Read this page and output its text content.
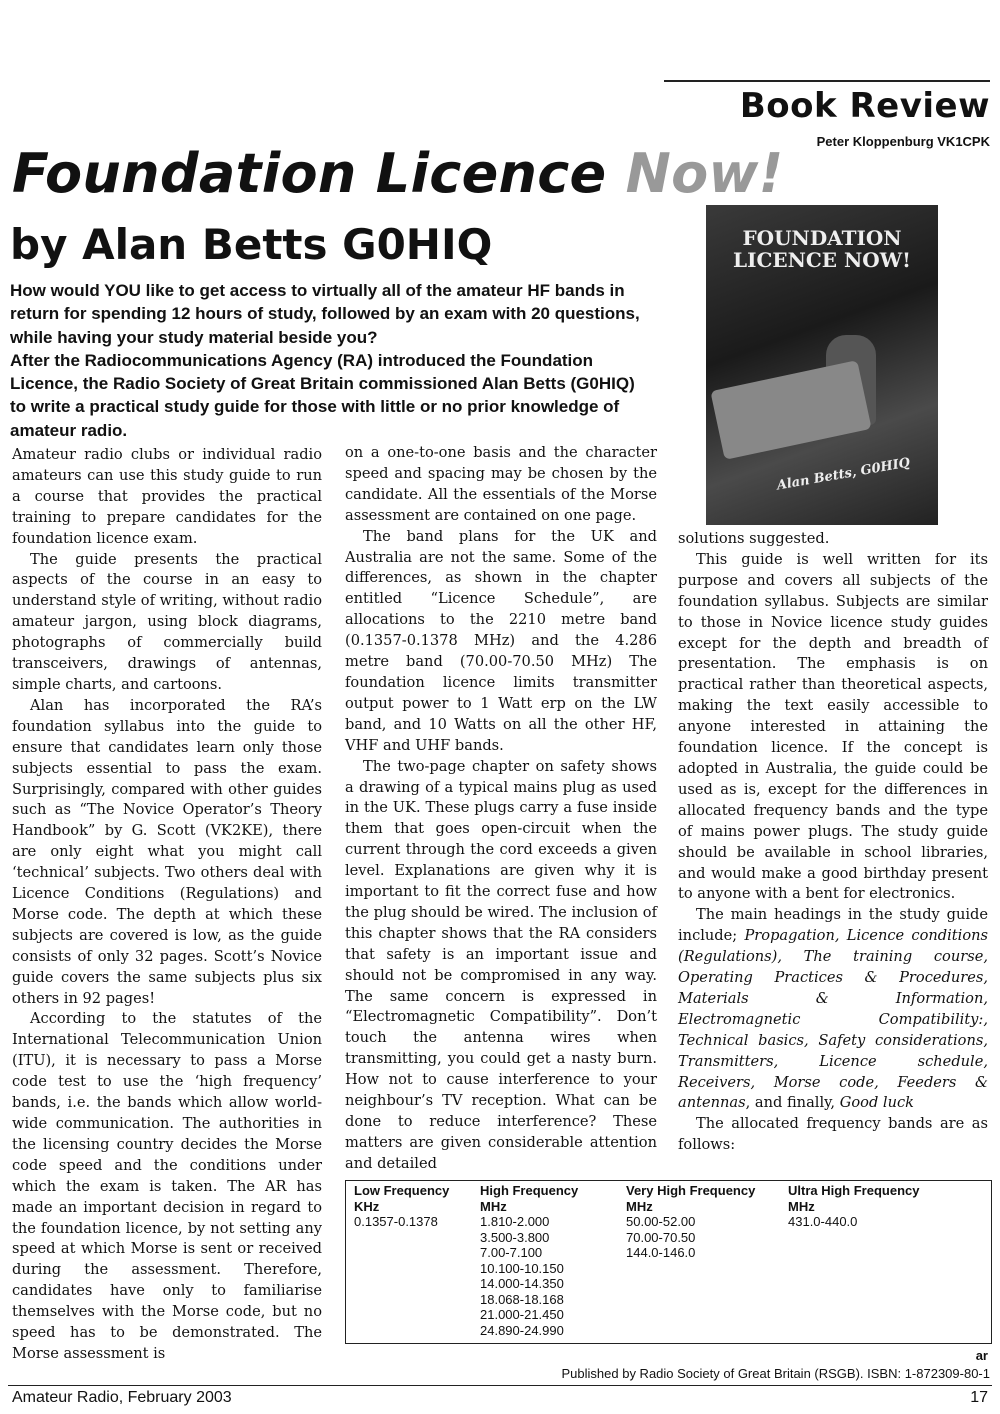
Book Review
Peter Kloppenburg VK1CPK
Foundation Licence Now!
by Alan Betts G0HIQ

How would YOU like to get access to virtually all of the amateur HF bands in return for spending 12 hours of study, followed by an exam with 20 questions, while having your study material beside you?

After the Radiocommunications Agency (RA) introduced the Foundation Licence, the Radio Society of Great Britain commissioned Alan Betts (G0HIQ) to write a practical study guide for those with little or no prior knowledge of amateur radio.

FOUNDATION LICENCE NOW!
Alan Betts, G0HIQ

Amateur radio clubs or individual radio amateurs can use this study guide to run a course that provides the practical training to prepare candidates for the foundation licence exam.

The guide presents the practical aspects of the course in an easy to understand style of writing, without radio amateur jargon, using block diagrams, photographs of commercially build transceivers, drawings of antennas, simple charts, and cartoons.

Alan has incorporated the RA’s foundation syllabus into the guide to ensure that candidates learn only those subjects essential to pass the exam. Surprisingly, compared with other guides such as “The Novice Operator’s Theory Handbook” by G. Scott (VK2KE), there are only eight what you might call ‘technical’ subjects. Two others deal with Licence Conditions (Regulations) and Morse code. The depth at which these subjects are covered is low, as the guide consists of only 32 pages. Scott’s Novice guide covers the same subjects plus six others in 92 pages!

According to the statutes of the International Telecommunication Union (ITU), it is necessary to pass a Morse code test to use the ‘high frequency’ bands, i.e. the bands which allow world-wide communication. The authorities in the licensing country decides the Morse code speed and the conditions under which the exam is taken. The AR has made an important decision in regard to the foundation licence, by not setting any speed at which Morse is sent or received during the assessment. Therefore, candidates have only to familiarise themselves with the Morse code, but no speed has to be demonstrated. The Morse assessment is

on a one-to-one basis and the character speed and spacing may be chosen by the candidate. All the essentials of the Morse assessment are contained on one page.

The band plans for the UK and Australia are not the same. Some of the differences, as shown in the chapter entitled “Licence Schedule”, are allocations to the 2210 metre band (0.1357-0.1378 MHz) and the 4.286 metre band (70.00-70.50 MHz) The foundation licence limits transmitter output power to 1 Watt erp on the LW band, and 10 Watts on all the other HF, VHF and UHF bands.

The two-page chapter on safety shows a drawing of a typical mains plug as used in the UK. These plugs carry a fuse inside them that goes open-circuit when the current through the cord exceeds a given level. Explanations are given why it is important to fit the correct fuse and how the plug should be wired. The inclusion of this chapter shows that the RA considers that safety is an important issue and should not be compromised in any way. The same concern is expressed in “Electromagnetic Compatibility”. Don’t touch the antenna wires when transmitting, you could get a nasty burn. How not to cause interference to your neighbour’s TV reception. What can be done to reduce interference? These matters are given considerable attention and detailed

solutions suggested.

This guide is well written for its purpose and covers all subjects of the foundation syllabus. Subjects are similar to those in Novice licence study guides except for the depth and breadth of presentation. The emphasis is on practical rather than theoretical aspects, making the text easily accessible to anyone interested in attaining the foundation licence. If the concept is adopted in Australia, the guide could be used as is, except for the differences in allocated frequency bands and the type of mains power plugs. The study guide should be available in school libraries, and would make a good birthday present to anyone with a bent for electronics.

The main headings in the study guide include; Propagation, Licence conditions (Regulations), The training course, Operating Practices & Procedures, Materials & Information, Electromagnetic Compatibility:, Technical basics, Safety considerations, Transmitters, Licence schedule, Receivers, Morse code, Feeders & antennas, and finally, Good luck

The allocated frequency bands are as follows:

Low Frequency
KHz
0.1357-0.1378
High Frequency
MHz
1.810-2.000
3.500-3.800
7.00-7.100
10.100-10.150
14.000-14.350
18.068-18.168
21.000-21.450
24.890-24.990
Very High Frequency
MHz
50.00-52.00
70.00-70.50
144.0-146.0
Ultra High Frequency
MHz
431.0-440.0
ar
Published by Radio Society of Great Britain (RSGB). ISBN: 1-872309-80-1
Amateur Radio, February 2003	17
